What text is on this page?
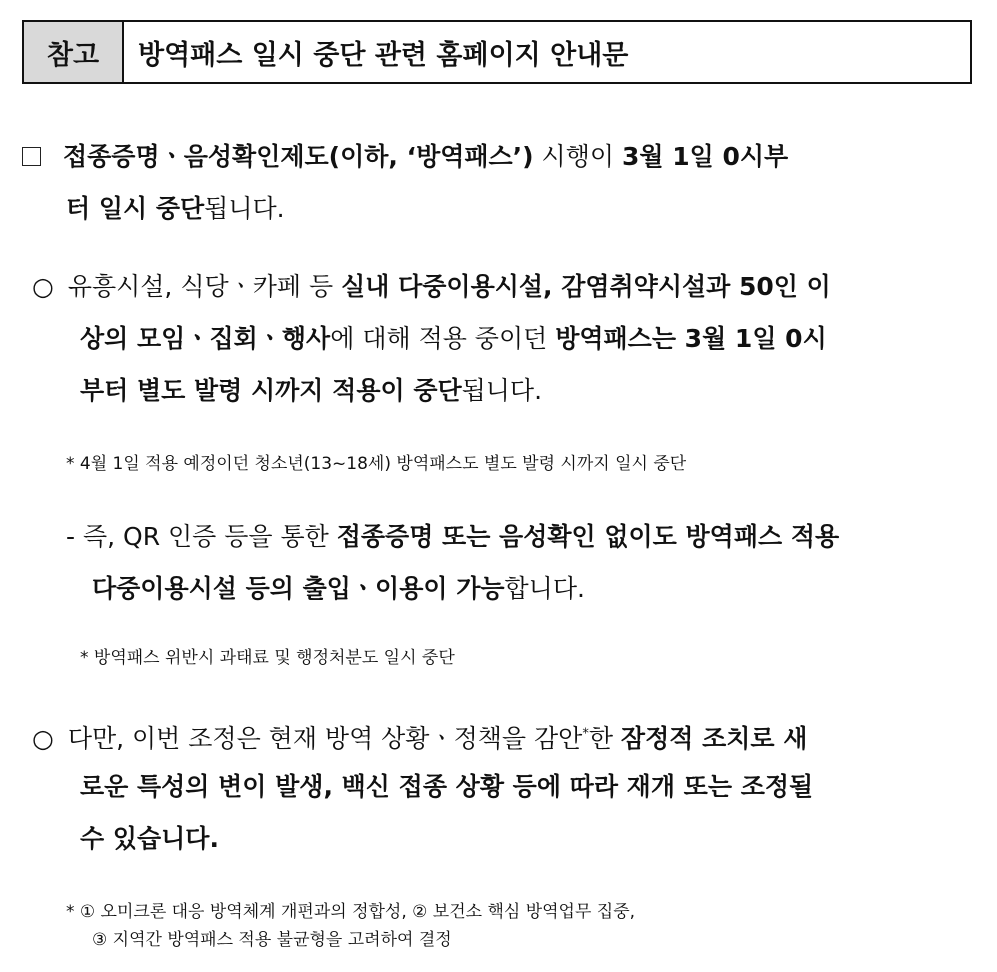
참고	방역패스 일시 중단 관련 홈페이지 안내문
접종증명ㆍ음성확인제도(이하, ‘방역패스’) 시행이 3월 1일 0시부
터 일시 중단됩니다.
○ 유흥시설, 식당ㆍ카페 등 실내 다중이용시설, 감염취약시설과 50인 이
상의 모임ㆍ집회ㆍ행사에 대해 적용 중이던 방역패스는 3월 1일 0시
부터 별도 발령 시까지 적용이 중단됩니다.
* 4월 1일 적용 예정이던 청소년(13~18세) 방역패스도 별도 발령 시까지 일시 중단
- 즉, QR 인증 등을 통한 접종증명 또는 음성확인 없이도 방역패스 적용
다중이용시설 등의 출입ㆍ이용이 가능합니다.
* 방역패스 위반시 과태료 및 행정처분도 일시 중단
○ 다만, 이번 조정은 현재 방역 상황ㆍ정책을 감안*한 잠정적 조치로 새
로운 특성의 변이 발생, 백신 접종 상황 등에 따라 재개 또는 조정될
수 있습니다.
* ① 오미크론 대응 방역체계 개편과의 정합성, ② 보건소 핵심 방역업무 집중,
③ 지역간 방역패스 적용 불균형을 고려하여 결정
